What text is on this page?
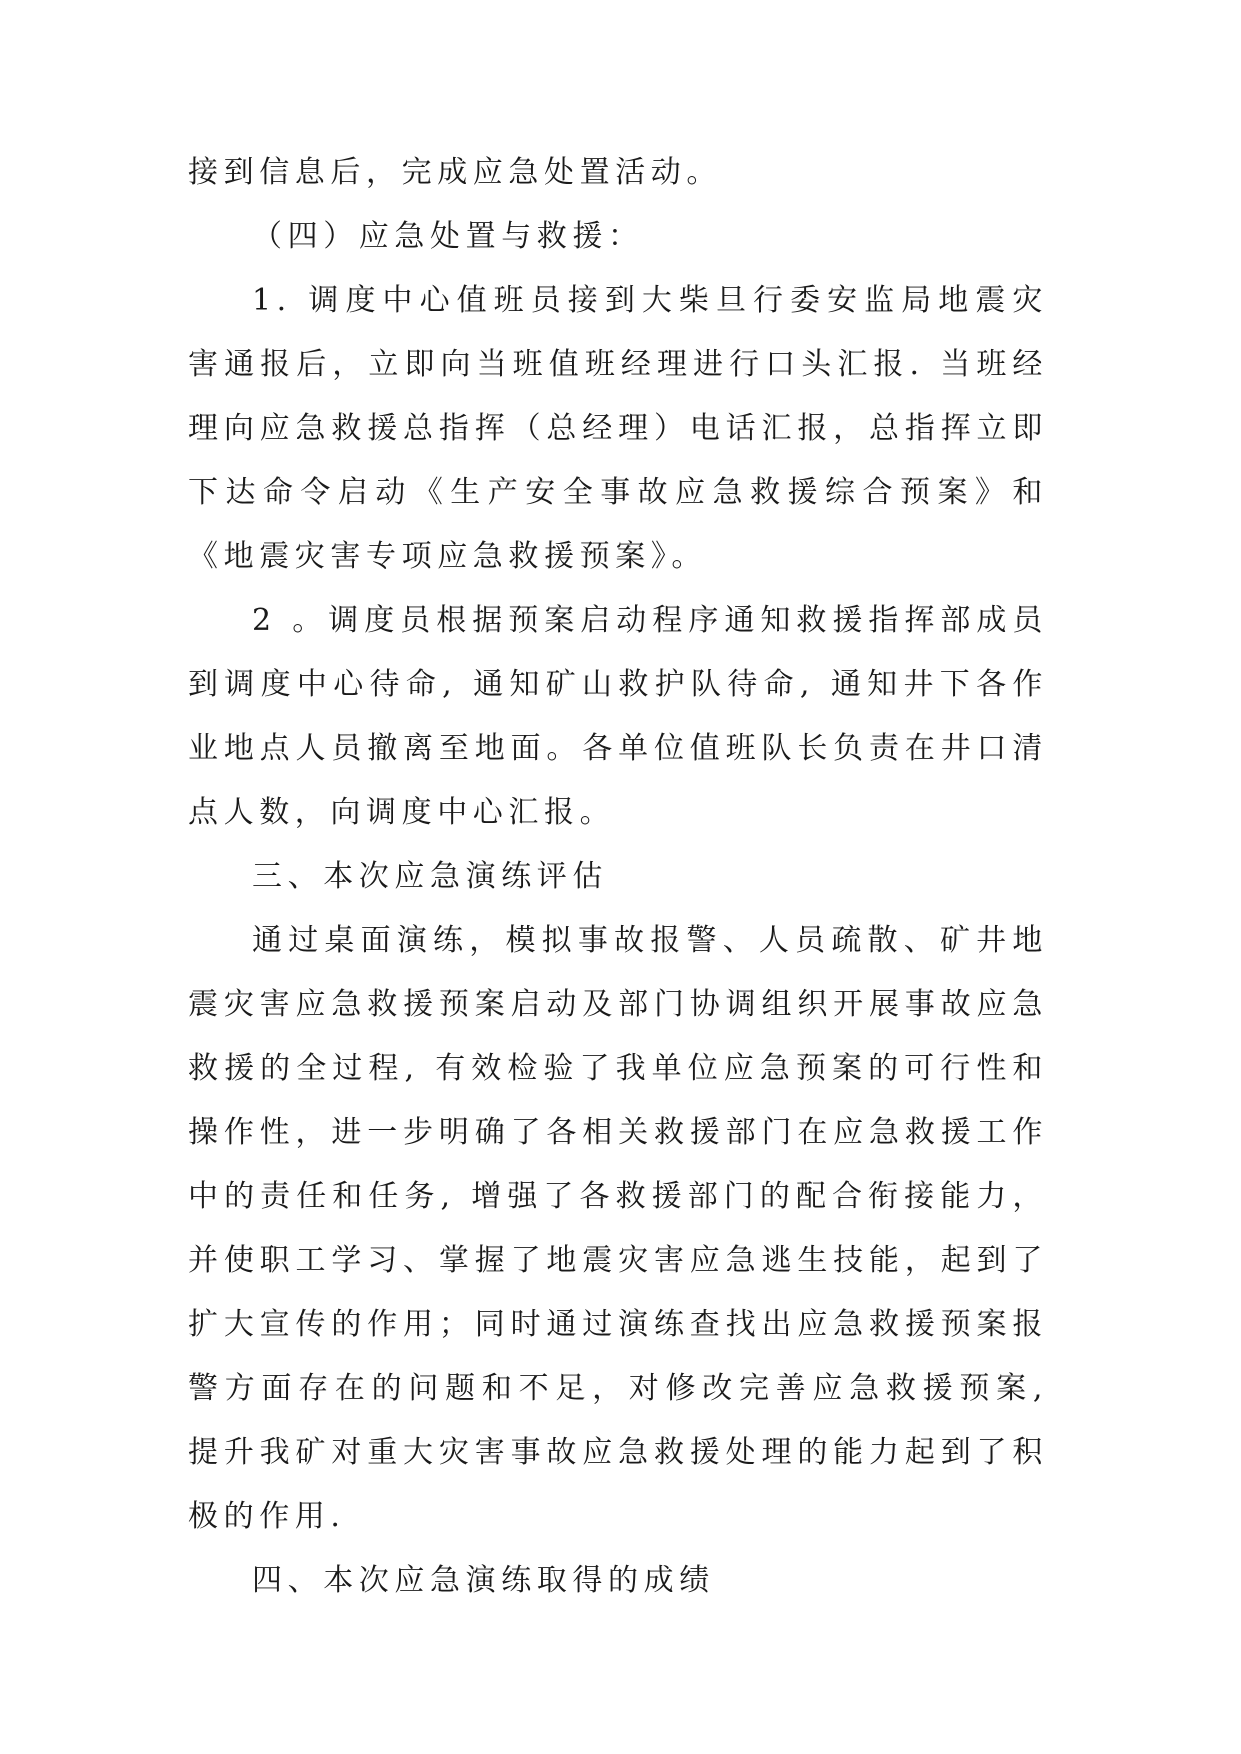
接到信息后，完成应急处置活动。

（四）应急处置与救援：

1. 调度中心值班员接到大柴旦行委安监局地震灾害通报后，立即向当班值班经理进行口头汇报. 当班经理向应急救援总指挥（总经理）电话汇报，总指挥立即下达命令启动《生产安全事故应急救援综合预案》和《地震灾害专项应急救援预案》。

2 。调度员根据预案启动程序通知救援指挥部成员到调度中心待命, 通知矿山救护队待命, 通知井下各作业地点人员撤离至地面。各单位值班队长负责在井口清点人数，向调度中心汇报。

三、本次应急演练评估

通过桌面演练，模拟事故报警、人员疏散、矿井地震灾害应急救援预案启动及部门协调组织开展事故应急救援的全过程, 有效检验了我单位应急预案的可行性和操作性，进一步明确了各相关救援部门在应急救援工作中的责任和任务, 增强了各救援部门的配合衔接能力，并使职工学习、掌握了地震灾害应急逃生技能，起到了扩大宣传的作用；同时通过演练查找出应急救援预案报警方面存在的问题和不足，对修改完善应急救援预案, 提升我矿对重大灾害事故应急救援处理的能力起到了积极的作用.

四、本次应急演练取得的成绩
